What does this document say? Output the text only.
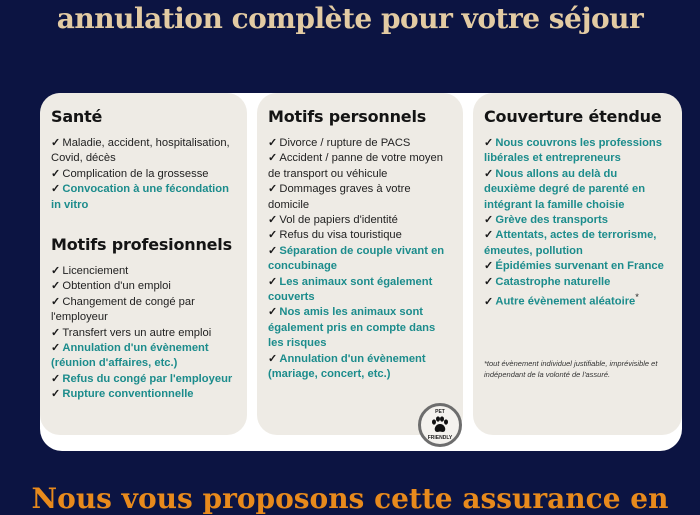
annulation complète pour votre séjour
Santé
✓ Maladie, accident, hospitalisation, Covid, décès
✓ Complication de la grossesse
✓ Convocation à une fécondation in vitro
Motifs profesionnels
✓ Licenciement
✓ Obtention d'un emploi
✓ Changement de congé par l'employeur
✓ Transfert vers un autre emploi
✓ Annulation d'un évènement (réunion d'affaires, etc.)
✓ Refus du congé par l'employeur
✓ Rupture conventionnelle
Motifs personnels
✓ Divorce / rupture de PACS
✓ Accident / panne de votre moyen de transport ou véhicule
✓ Dommages graves à votre domicile
✓ Vol de papiers d'identité
✓ Refus du visa touristique
✓ Séparation de couple vivant en concubinage
✓ Les animaux sont également couverts
✓ Nos amis les animaux sont également pris en compte dans les risques
✓ Annulation d'un évènement (mariage, concert, etc.)
Couverture étendue
✓ Nous couvrons les professions libérales et entrepreneurs
✓ Nous allons au delà du deuxième degré de parenté en intégrant la famille choisie
✓ Grève des transports
✓ Attentats, actes de terrorisme, émeutes, pollution
✓ Épidémies survenant en France
✓ Catastrophe naturelle
✓ Autre évènement aléatoire*
*tout évènement individuel justifiable, imprévisible et indépendant de la volonté de l'assuré.
PET
FRIENDLY
Nous vous proposons cette assurance en
